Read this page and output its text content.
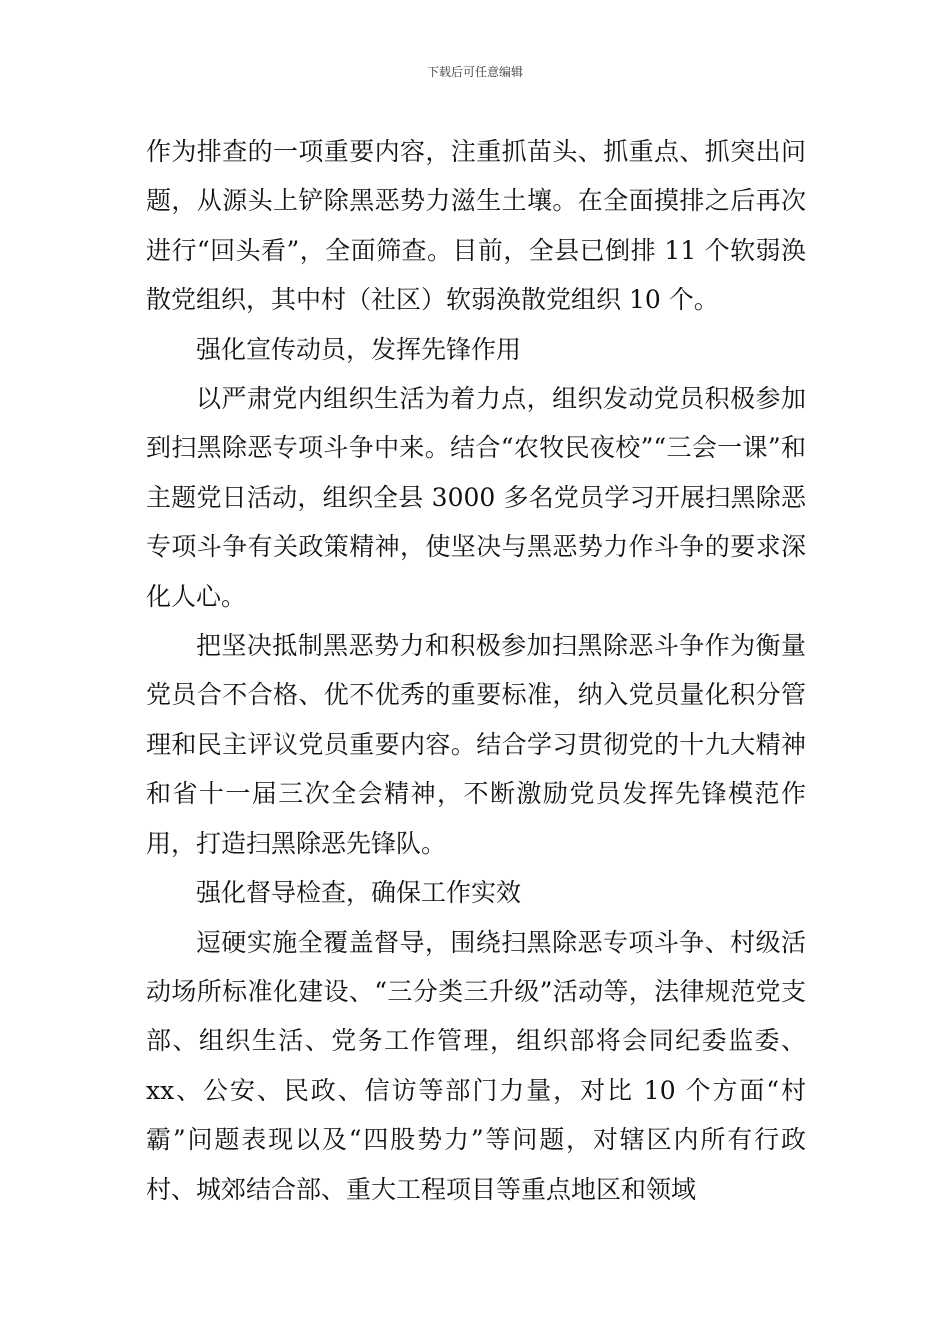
下载后可任意编辑

作为排查的一项重要内容，注重抓苗头、抓重点、抓突出问题，从源头上铲除黑恶势力滋生土壤。在全面摸排之后再次进行“回头看”，全面筛查。目前，全县已倒排 11 个软弱涣散党组织，其中村（社区）软弱涣散党组织 10 个。

强化宣传动员，发挥先锋作用

以严肃党内组织生活为着力点，组织发动党员积极参加到扫黑除恶专项斗争中来。结合“农牧民夜校”“三会一课”和主题党日活动，组织全县 3000 多名党员学习开展扫黑除恶专项斗争有关政策精神，使坚决与黑恶势力作斗争的要求深化人心。

把坚决抵制黑恶势力和积极参加扫黑除恶斗争作为衡量党员合不合格、优不优秀的重要标准，纳入党员量化积分管理和民主评议党员重要内容。结合学习贯彻党的十九大精神和省十一届三次全会精神，不断激励党员发挥先锋模范作用，打造扫黑除恶先锋队。

强化督导检查，确保工作实效

逗硬实施全覆盖督导，围绕扫黑除恶专项斗争、村级活动场所标准化建设、“三分类三升级”活动等，法律规范党支部、组织生活、党务工作管理，组织部将会同纪委监委、xx、公安、民政、信访等部门力量，对比 10 个方面“村霸”问题表现以及“四股势力”等问题，对辖区内所有行政村、城郊结合部、重大工程项目等重点地区和领域
